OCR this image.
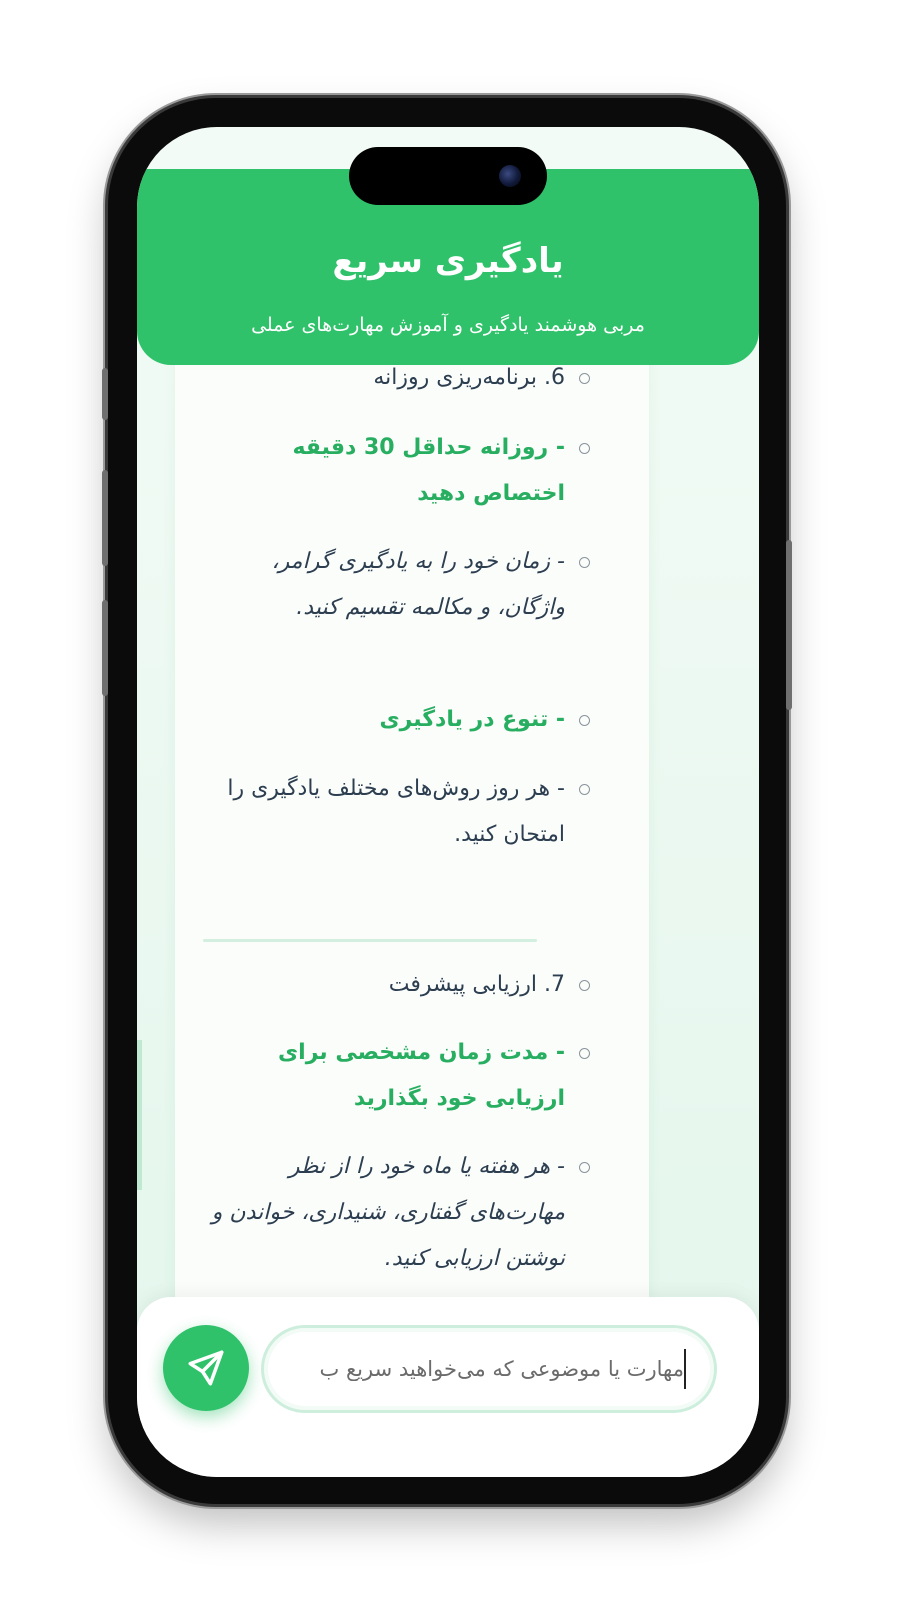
6. برنامه‌ریزی روزانه
- روزانه حداقل 30 دقیقه اختصاص دهید
- زمان خود را به یادگیری گرامر، واژگان، و مکالمه تقسیم کنید.
- تنوع در یادگیری
- هر روز روش‌های مختلف یادگیری را امتحان کنید.
7. ارزیابی پیشرفت
- مدت زمان مشخصی برای ارزیابی خود بگذارید
- هر هفته یا ماه خود را از نظر مهارت‌های گفتاری، شنیداری، خواندن و نوشتن ارزیابی کنید.
یادگیری سریع
مربی هوشمند یادگیری و آموزش مهارت‌های عملی
مهارت یا موضوعی که می‌خواهید سریع ب
